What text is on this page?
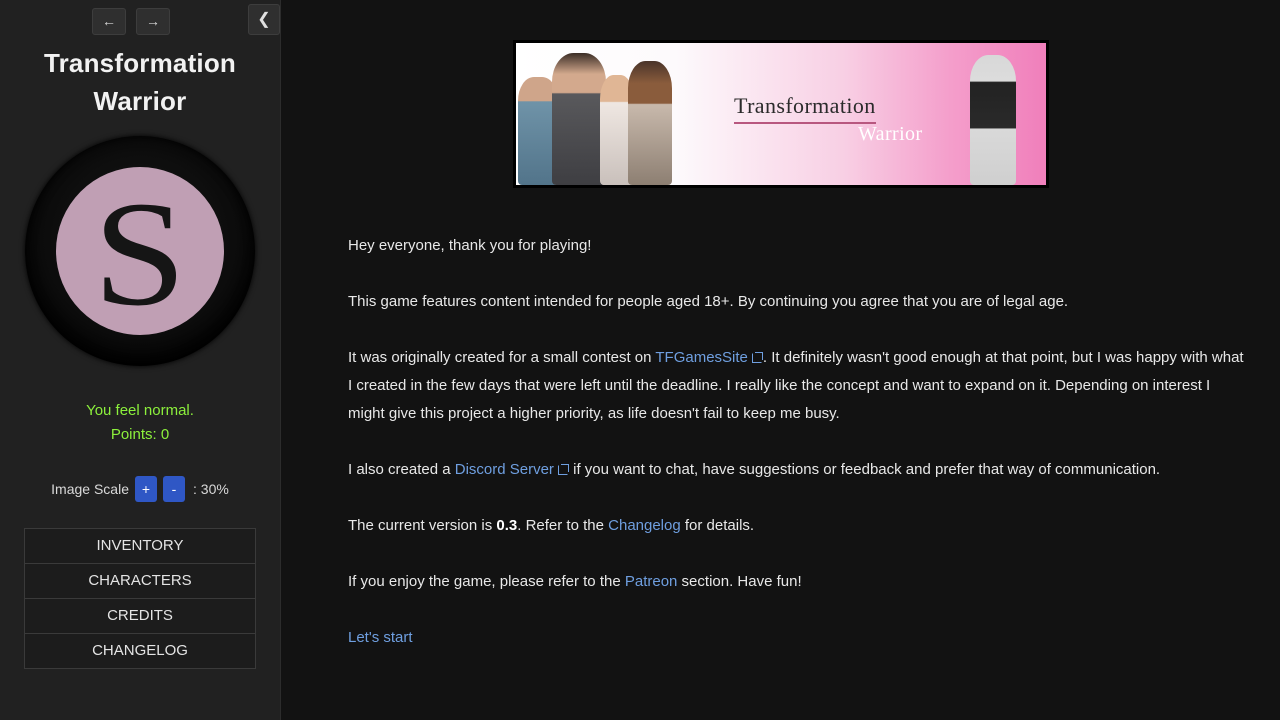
←	→
Transformation Warrior
S
You feel normal.
Points: 0
Image Scale +	-	: 30%
INVENTORY
CHARACTERS
CREDITS
CHANGELOG
❮
Transformation
Warrior

Hey everyone, thank you for playing!

This game features content intended for people aged 18+. By continuing you agree that you are of legal age.

It was originally created for a small contest on TFGamesSite . It definitely wasn't good enough at that point, but I was happy with what I created in the few days that were left until the deadline. I really like the concept and want to expand on it. Depending on interest I might give this project a higher priority, as life doesn't fail to keep me busy.

I also created a Discord Server if you want to chat, have suggestions or feedback and prefer that way of communication.

The current version is 0.3. Refer to the Changelog for details.

If you enjoy the game, please refer to the Patreon section. Have fun!

Let's start
